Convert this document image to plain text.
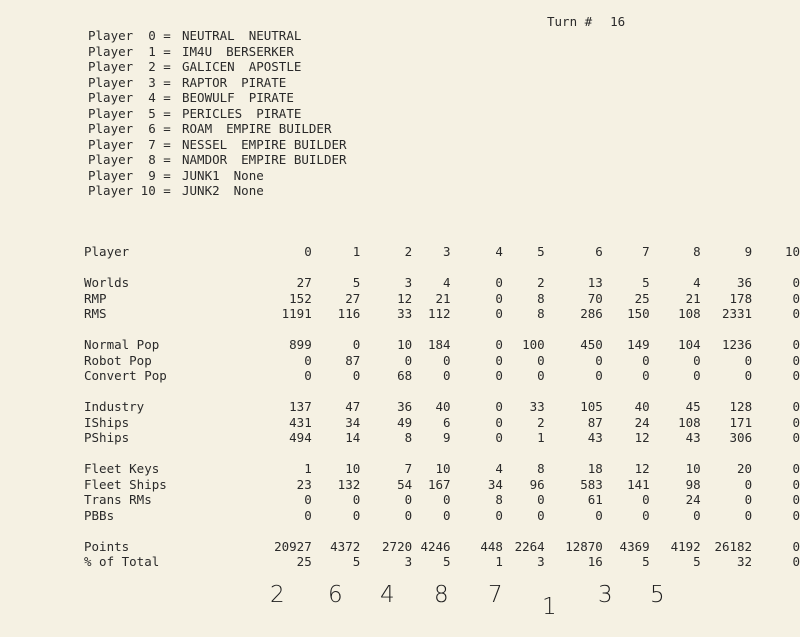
Turn # 16
Player  0 = NEUTRAL NEUTRAL
Player  1 = IM4U BERSERKER
Player  2 = GALICEN APOSTLE
Player  3 = RAPTOR PIRATE
Player  4 = BEOWULF PIRATE
Player  5 = PERICLES PIRATE
Player  6 = ROAM EMPIRE BUILDER
Player  7 = NESSEL EMPIRE BUILDER
Player  8 = NAMDOR EMPIRE BUILDER
Player  9 = JUNK1 None
Player 10 = JUNK2 None
Player	0	1	2	3	4	5	6	7	8	9	10

Worlds	27	5	3	4	0	2	13	5	4	36	0
RMP	152	27	12	21	0	8	70	25	21	178	0
RMS	1191	116	33	112	0	8	286	150	108	2331	0

Normal Pop	899	0	10	184	0	100	450	149	104	1236	0
Robot Pop	0	87	0	0	0	0	0	0	0	0	0
Convert Pop	0	0	68	0	0	0	0	0	0	0	0

Industry	137	47	36	40	0	33	105	40	45	128	0
IShips	431	34	49	6	0	2	87	24	108	171	0
PShips	494	14	8	9	0	1	43	12	43	306	0

Fleet Keys	1	10	7	10	4	8	18	12	10	20	0
Fleet Ships	23	132	54	167	34	96	583	141	98	0	0
Trans RMs	0	0	0	0	8	0	61	0	24	0	0
PBBs	0	0	0	0	0	0	0	0	0	0	0

Points	20927	4372	2720	4246	448	2264	12870	4369	4192	26182	0
% of Total	25	5	3	5	1	3	16	5	5	32	0
2 6 4 8 7 1 3 5
